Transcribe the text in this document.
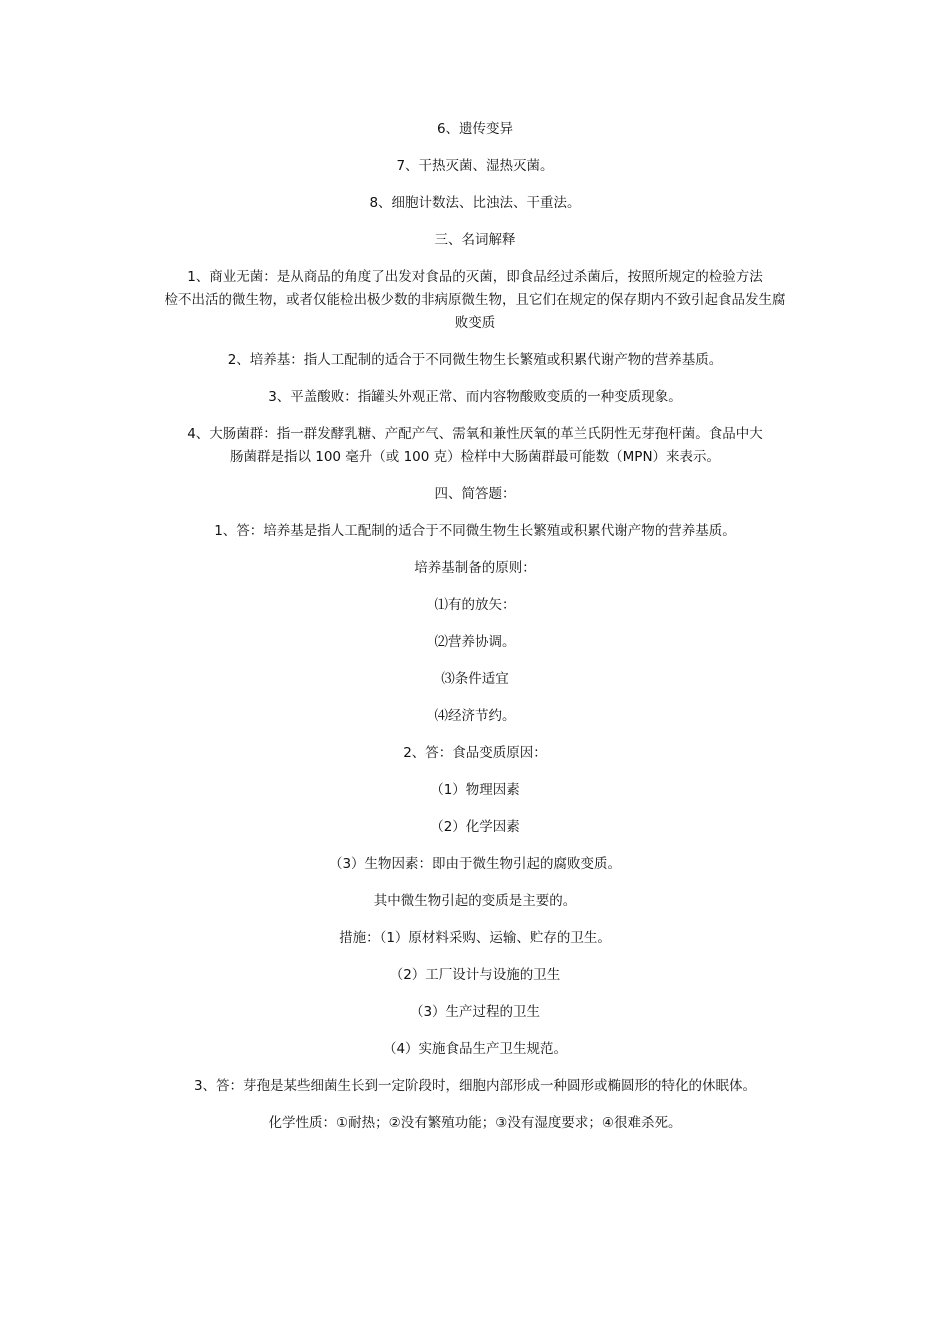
6、遗传变异

7、干热灭菌、湿热灭菌。

8、细胞计数法、比浊法、干重法。

三、名词解释

1、商业无菌：是从商品的角度了出发对食品的灭菌，即食品经过杀菌后，按照所规定的检验方法

检不出活的微生物，或者仅能检出极少数的非病原微生物，且它们在规定的保存期内不致引起食品发生腐

败变质

2、培养基：指人工配制的适合于不同微生物生长繁殖或积累代谢产物的营养基质。

3、平盖酸败：指罐头外观正常、而内容物酸败变质的一种变质现象。

4、大肠菌群：指一群发酵乳糖、产配产气、需氧和兼性厌氧的革兰氏阴性无芽孢杆菌。食品中大

肠菌群是指以 100 毫升（或 100 克）检样中大肠菌群最可能数（MPN）来表示。

四、简答题：

1、答：培养基是指人工配制的适合于不同微生物生长繁殖或积累代谢产物的营养基质。

培养基制备的原则：

⑴有的放矢：

⑵营养协调。

⑶条件适宜

⑷经济节约。

2、答：食品变质原因：

（1）物理因素

（2）化学因素

（3）生物因素：即由于微生物引起的腐败变质。

其中微生物引起的变质是主要的。

措施：（1）原材料采购、运输、贮存的卫生。

（2）工厂设计与设施的卫生

（3）生产过程的卫生

（4）实施食品生产卫生规范。

3、答：芽孢是某些细菌生长到一定阶段时，细胞内部形成一种圆形或椭圆形的特化的休眠体。

化学性质：①耐热；②没有繁殖功能；③没有湿度要求；④很难杀死。
